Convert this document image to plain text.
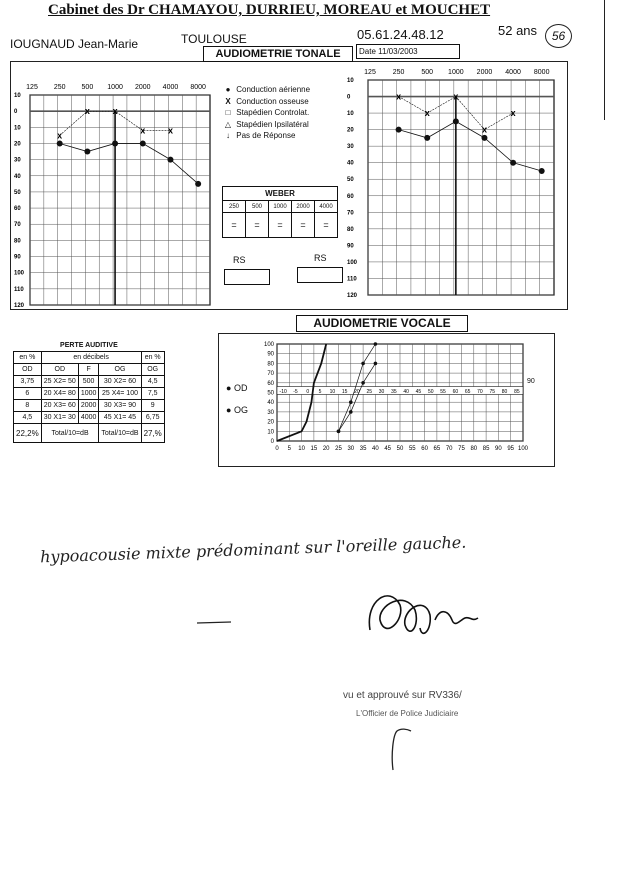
Cabinet des Dr CHAMAYOU, DURRIEU, MOREAU et MOUCHET
IOUGNAUD Jean-Marie	TOULOUSE	05.61.24.48.12	52 ans	56
AUDIOMETRIE TONALE	Date 11/03/2003
125 250 500 1000 2000 4000 8000
10
0
10
20
30
40
50
60
70
80
90
100
110
120
x
x	x
x	x
125 250 500 1000 2000 4000 8000
10
0
10
20
30
40
50
60
70
80
90
100
110
120
x
x
x
x
x
● Conduction aérienne
X Conduction osseuse
□ Stapédien Controlat.
△ Stapédien Ipsilatéral
↓ Pas de Réponse
WEBER				
250	500	1000	2000	4000
=	=	=	=	=
RS	RS
PERTE AUDITIVE				
en %	en décibels			en %
OD	OD	F	OG	OG
3,75	25 X2= 50	500	30 X2= 60	4,5
6	20 X4= 80	1000	25 X4= 100	7,5
8	20 X3= 60	2000	30 X3= 90	9
4,5	30 X1= 30	4000	45 X1= 45	6,75
22,2%	Total/10=dB		Total/10=dB	27,%
AUDIOMETRIE VOCALE
● OD
● OG
0 5 10 15 20 25 30 35 40 45 50 55 60 65 70 75 80 85 90 95 100
0
10
20
30
40
50
60
70
80
90
100
-10 -5 0 5 10 15 20 25 30 35 40 45 50 55 60 65 70 75 80 85
90
hypoacousie mixte prédominant sur l'oreille gauche.
vu et approuvé sur RV336/
L'Officier de Police Judiciaire
